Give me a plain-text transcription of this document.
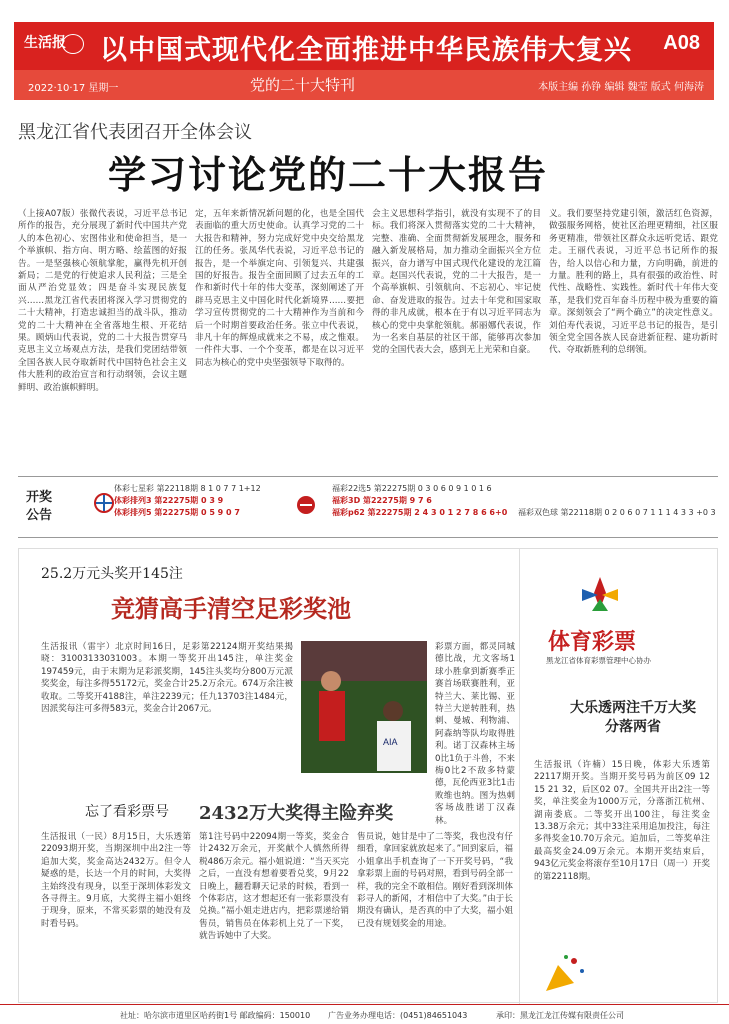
生活报 以中国式现代化全面推进中华民族伟大复兴 A08
2022·10·17 星期一	党的二十大特刊	本版主编 孙铮 编辑 魏莹 版式 何海涛
黑龙江省代表团召开全体会议
学习讨论党的二十大报告
（上接A07版）张微代表说，习近平总书记所作的报告，充分展现了新时代中国共产党人的本色初心、宏图伟业和使命担当，是一个举旗帜、指方向、明方略、绘蓝图的好报告。一是坚强核心领航掌舵，赢得先机开创新局；二是党的行使追求人民利益；三是全面从严治党显效；四是奋斗实现民族复兴……黑龙江省代表团将深入学习贯彻党的二十大精神，打造忠诚担当的战斗队，推动党的二十大精神在全省落地生根、开花结果。顾炳山代表说，党的二十大报告贯穿马克思主义立场观点方法，是我们党团结带领全国各族人民夺取新时代中国特色社会主义伟大胜利的政治宣言和行动纲领，会议主题鲜明、政治旗帜鲜明。
定，五年来新情况新问题的化，也是全国代表面临的重大历史使命。认真学习党的二十大报告和精神，努力完成好党中央交给黑龙江的任务。张凤华代表说，习近平总书记的报告，是一个举旗定向、引领复兴、共建强国的好报告。报告全面回顾了过去五年的工作和新时代十年的伟大变革，深刻阐述了开辟马克思主义中国化时代化新境界……要把学习宣传贯彻党的二十大精神作为当前和今后一个时期首要政治任务。张立中代表说，非凡十年的辉煌成就来之不易，成之惟艰。一件件大事、一个个变革，都是在以习近平同志为核心的党中央坚强领导下取得的。
会主义思想科学指引，就没有实现不了的目标。我们将深入贯彻落实党的二十大精神，完整、准确、全面贯彻新发展理念，服务和融入新发展格局，加力推动全面振兴全方位振兴，奋力谱写中国式现代化建设的龙江篇章。赵国兴代表说，党的二十大报告，是一个高举旗帜、引领航向、不忘初心、牢记使命、奋发进取的报告。过去十年党和国家取得的非凡成就，根本在于有以习近平同志为核心的党中央掌舵领航。郝丽娜代表说，作为一名来自基层的社区干部，能够再次参加党的全国代表大会，感到无上光荣和自豪。
义。我们要坚持党建引领，激活红色资源，做强服务网格，使社区治理更精细，社区服务更精准，带领社区群众永远听党话、跟党走。王丽代表说，习近平总书记所作的报告，给人以信心和力量，方向明确，前进的力量。胜利的路上，具有很强的政治性、时代性、战略性、实践性。新时代十年伟大变革，是我们党百年奋斗历程中极为重要的篇章。深刻领会了“两个确立”的决定性意义。刘伯寿代表说，习近平总书记的报告，是引领全党全国各族人民奋进新征程、建功新时代、夺取新胜利的总纲领。
开奖
公告
体彩七星彩 第22118期 8 1 0 7 7 1+12
体彩排列3 第22275期 0 3 9
体彩排列5 第22275期 0 5 9 0 7
福彩22选5 第22275期 0 3 0 6 0 9 1 0 1 6
福彩3D 第22275期 9 7 6
福彩p62 第22275期 2 4 3 0 1 2 7 8 6 6+0 福彩双色球 第22118期 0 2 0 6 0 7 1 1 1 4 3 3 +0 3
25.2万元头奖开145注
竞猜高手清空足彩奖池
生活报讯（雷宇）北京时间16日，足彩第22124期开奖结果揭晓：31003133031003。本期一等奖开出145注，单注奖金197459元，由于末期为足彩派奖期，145注头奖均分800万元派奖奖金，每注多得55172元，奖金合计25.2万余元。674万余注被收取。二等奖开4188注，单注2239元；任九13703注1484元，因派奖每注可多得583元，奖金合计2067元。
AIA
彩票方面，都灵同城德比战，尤文客场1球小胜拿到新赛季正赛首场联赛胜利，亚特兰大、莱比锡、亚特兰大逆转胜利，热刺、曼城、利物浦、阿森纳等队均取得胜利。诺丁汉森林主场0比1负于斗兽，不来梅0比2不敌多特蒙德，瓦伦西亚3比1击败维也纳。图为热刺客场战胜诺丁汉森林。
忘了看彩票号 2432万大奖得主险弃奖
生活报讯（一民）8月15日，大乐透第22093期开奖，当期深圳中出2注一等追加大奖，奖金高达2432万。但令人疑惑的是，长达一个月的时间，大奖得主始终没有现身，以至于深圳体彩发文各寻得主。9月底，大奖得主福小姐终于现身，原来，不常买彩票的她没有及时看号码。
第1注号码中22094期一等奖，奖金合计2432万余元，开奖献个人慎然所得税486万余元。福小姐说道：“当天买完之后，一直没有想着要看兑奖，9月22日晚上，翻看聊天记录的时候，看到一个体彩店，这才想起还有一张彩票没有兑换。”福小姐走进店内，把彩票递给销售员，销售员在体彩机上兑了一下奖，就告诉她中了大奖。
售员说，她甘是中了二等奖，我也没有仔细看，拿回家就放起来了。”回到家后，福小姐拿出手机查询了一下开奖号码，“我拿彩票上面的号码对照，看到号码全部一样，我的完全不敢相信。刚好看到深圳体彩寻人的新闻，才相信中了大奖。”由于长期没有确认，是否真的中了大奖，福小姐已没有规划奖金的用途。
体育彩票
黑龙江省体育彩票管理中心协办
大乐透两注千万大奖分落两省
生活报讯（许楠）15日晚，体彩大乐透第22117期开奖。当期开奖号码为前区09 12 15 21 32，后区02 07。全国共开出2注一等奖，单注奖金为1000万元，分落浙江杭州、湖南娄底。二等奖开出100注，每注奖金13.38万余元；其中33注采用追加投注，每注多得奖金10.70万余元。追加后，二等奖单注最高奖金24.09万余元。本期开奖结束后，943亿元奖金将滚存至10月17日（周一）开奖的第22118期。
社址：哈尔滨市道里区哈药街1号 邮政编码：150010 广告业务办理电话：(0451)84651043	承印：黑龙江龙江传媒有限责任公司
